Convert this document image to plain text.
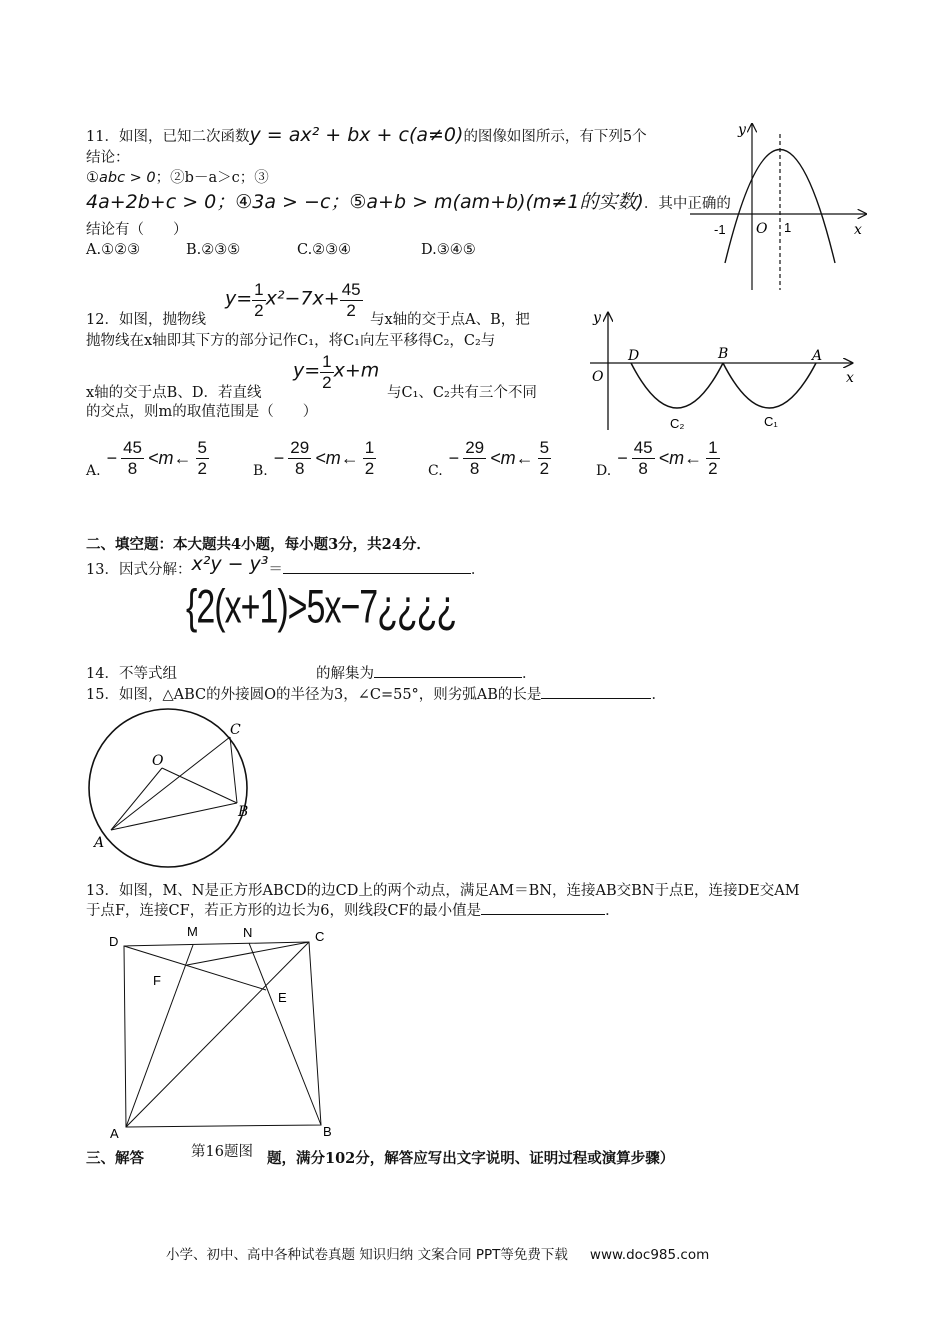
11．如图，已知二次函数y = ax² + bx + c(a≠0)的图像如图所示，有下列5个
结论：
①abc > 0；②b－a＞c；③
4a+2b+c > 0；④3a > −c；⑤a+b > m(am+b)(m≠1的实数)．其中正确的
结论有（　　）
A.①②③	B.②③⑤	C.②③④	D.③④⑤
y
x
O
-1	1
$y= \frac{1}{2} x^2-7x+ \frac{45}{2}$
12．如图，抛物线	与x轴的交于点A、B，把
抛物线在x轴即其下方的部分记作C₁，将C₁向左平移得C₂，C₂与
$y= \frac{1}{2} x+m$
x轴的交于点B、D．若直线	与C₁、C₂共有三个不同
的交点，则m的取值范围是（　　）
y
x
O
D	B	A
C₂	C₁
A.
− $\frac{45}{8}$ <m← $\frac{5}{2}$	B.
− $\frac{29}{8}$ <m← $\frac{1}{2}$	C.
− $\frac{29}{8}$ <m← $\frac{5}{2}$	D.
− $\frac{45}{8}$ <m← $\frac{1}{2}$
二、填空题：本大题共4小题，每小题3分，共24分．
13．因式分解：x²y − y³＝	．
{2(x+1)>5x−7¿¿¿¿
14．不等式组	的解集为	．
15．如图，△ABC的外接圆O的半径为3，∠C=55°，则劣弧AB的长是	．
O
C
B
A
13．如图，M、N是正方形ABCD的边CD上的两个动点，满足AM＝BN，连接AB交BN于点E，连接DE交AM
于点F，连接CF，若正方形的边长为6，则线段CF的最小值是	．
D
M	N	C
F
E
A	B
三、解答	第16题图 题，满分102分，解答应写出文字说明、证明过程或演算步骤）
小学、初中、高中各种试卷真题 知识归纳 文案合同 PPT等免费下载 www.doc985.com
